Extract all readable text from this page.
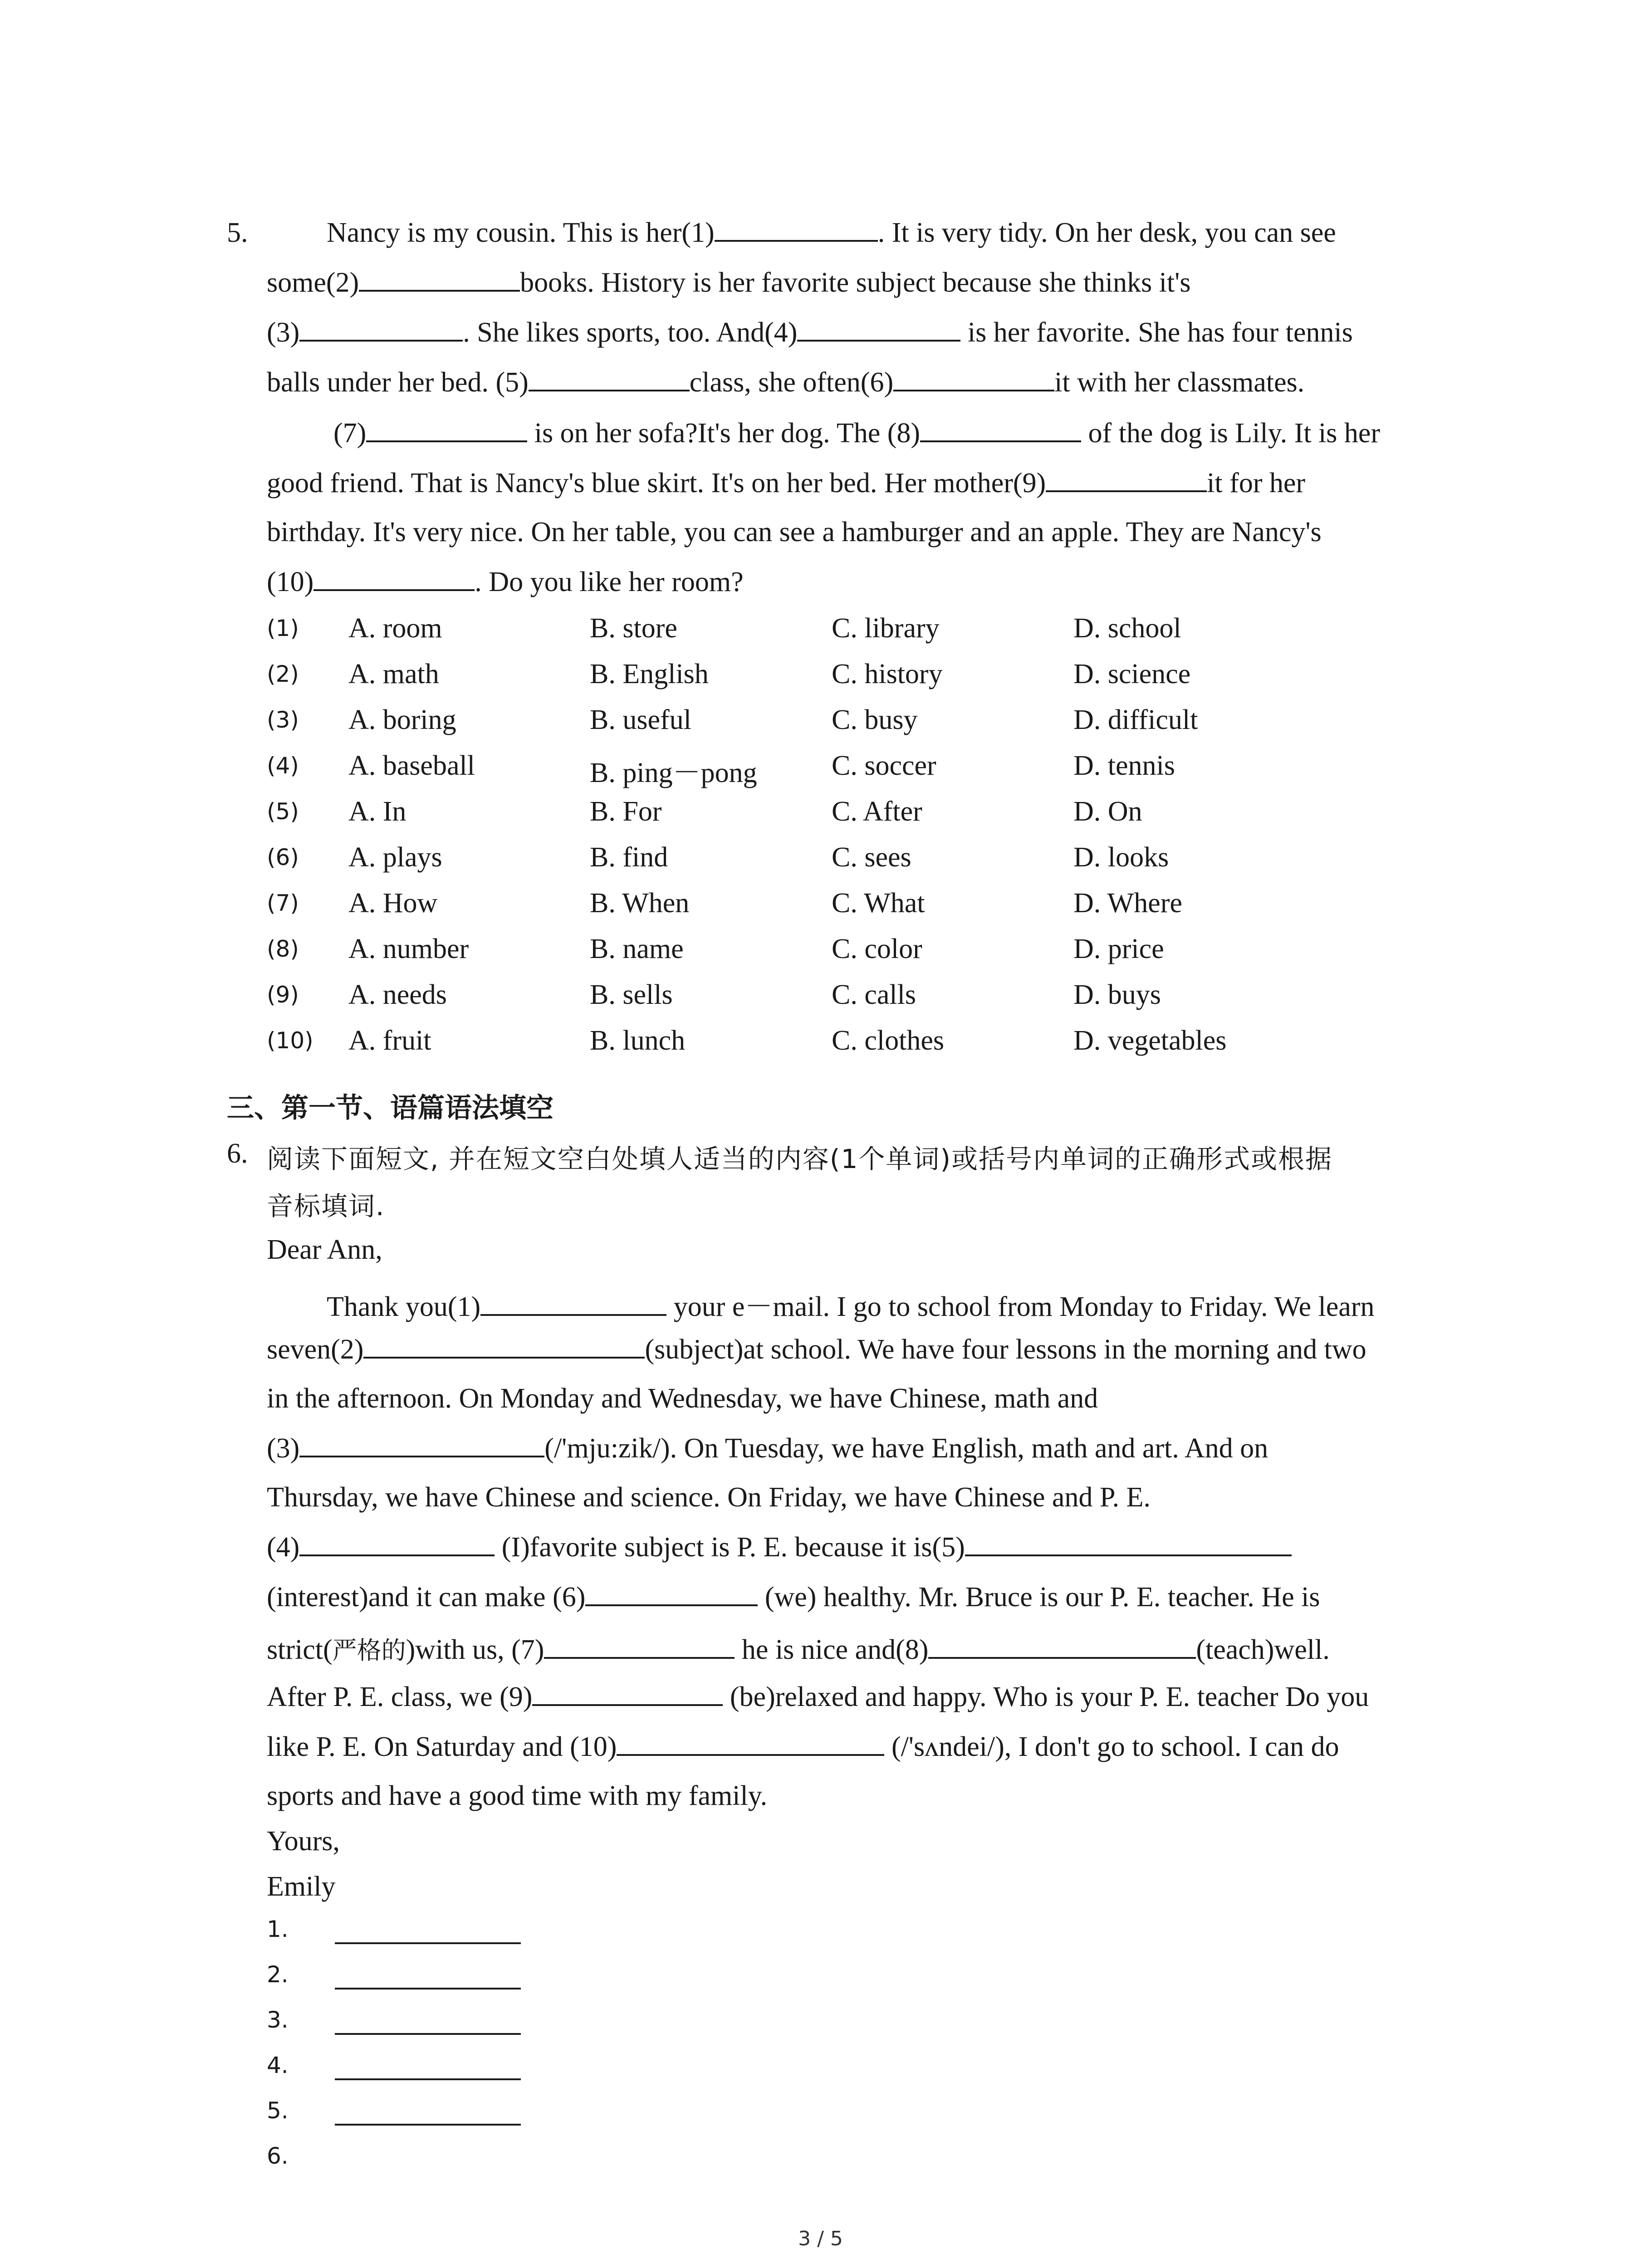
5.	Nancy is my cousin. This is her(1)	. It is very tidy. On her desk, you can see
some(2)	books. History is her favorite subject because she thinks it's
(3)	. She likes sports, too. And(4)	is her favorite. She has four tennis
balls under her bed. (5)	class, she often(6)	it with her classmates.
(7)	is on her sofa?It's her dog. The (8)	of the dog is Lily. It is her
good friend. That is Nancy's blue skirt. It's on her bed. Her mother(9)	it for her
birthday. It's very nice. On her table, you can see a hamburger and an apple. They are Nancy's
(10)	. Do you like her room?
(1) A. room	B. store	C. library	D. school
(2) A. math	B. English	C. history	D. science
(3) A. boring	B. useful	C. busy	D. difficult
(4) A. baseball	B. ping－pong	C. soccer	D. tennis
(5) A. In	B. For	C. After	D. On
(6) A. plays	B. find	C. sees	D. looks
(7) A. How	B. When	C. What	D. Where
(8) A. number	B. name	C. color	D. price
(9) A. needs	B. sells	C. calls	D. buys
(10) A. fruit	B. lunch	C. clothes	D. vegetables
三、第一节、语篇语法填空
6. 阅读下面短文, 并在短文空白处填人适当的内容(1个单词)或括号内单词的正确形式或根据
音标填词.
Dear Ann,
Thank you(1)	your e－mail. I go to school from Monday to Friday. We learn
seven(2)	(subject)at school. We have four lessons in the morning and two
in the afternoon. On Monday and Wednesday, we have Chinese, math and
(3)	(/'mju:zik/). On Tuesday, we have English, math and art. And on
Thursday, we have Chinese and science. On Friday, we have Chinese and P. E.
(4)	(I)favorite subject is P. E. because it is(5)
(interest)and it can make (6)	(we) healthy. Mr. Bruce is our P. E. teacher. He is
strict(严格的)with us, (7)	he is nice and(8)	(teach)well.
After P. E. class, we (9)	(be)relaxed and happy. Who is your P. E. teacher Do you
like P. E. On Saturday and (10)	(/'sʌndei/), I don't go to school. I can do
sports and have a good time with my family.
Yours,
Emily
1.
2.
3.
4.
5.
6.
3 / 5
